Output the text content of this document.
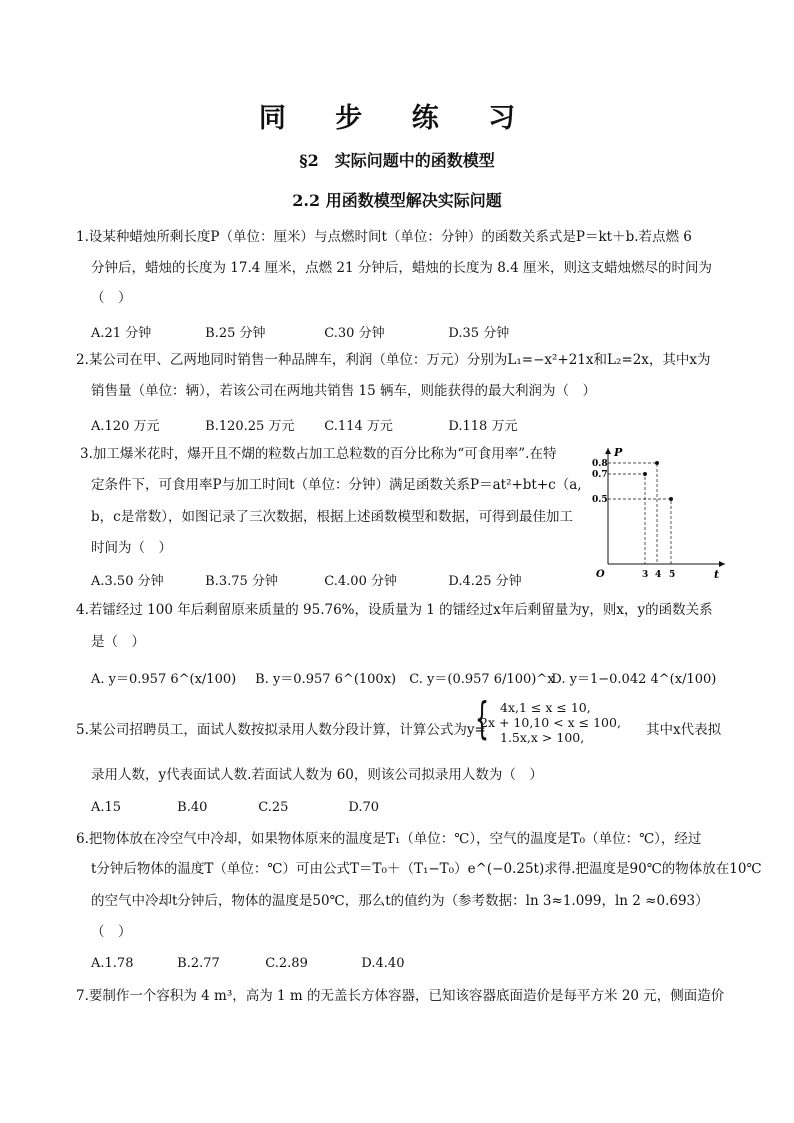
同 步 练 习
§2　实际问题中的函数模型
2.2 用函数模型解决实际问题
1.设某种蜡烛所剩长度P（单位：厘米）与点燃时间t（单位：分钟）的函数关系式是P＝kt＋b.若点燃 6
分钟后，蜡烛的长度为 17.4 厘米，点燃 21 分钟后，蜡烛的长度为 8.4 厘米，则这支蜡烛燃尽的时间为
（　）
A.21 分钟	B.25 分钟	C.30 分钟	D.35 分钟
2.某公司在甲、乙两地同时销售一种品牌车，利润（单位：万元）分别为L₁=−x²+21x和L₂=2x，其中x为
销售量（单位：辆），若该公司在两地共销售 15 辆车，则能获得的最大利润为（　）
A.120 万元	B.120.25 万元 C.114 万元	D.118 万元
3.加工爆米花时，爆开且不煳的粒数占加工总粒数的百分比称为“可食用率”.在特
定条件下，可食用率P与加工时间t（单位：分钟）满足函数关系P＝at²+bt+c（a,
b，c是常数），如图记录了三次数据，根据上述函数模型和数据，可得到最佳加工
时间为（　）
A.3.50 分钟	B.3.75 分钟	C.4.00 分钟	D.4.25 分钟
P
t
O
0.8
0.7
0.5
3 4 5
4.若镭经过 100 年后剩留原来质量的 95.76%，设质量为 1 的镭经过x年后剩留量为y，则x，y的函数关系
是（　）
A. y＝0.957 6^(x/100) B. y＝0.957 6^(100x) C. y＝(0.957 6/100)^x D. y＝1−0.042 4^(x/100)
5.某公司招聘员工，面试人数按拟录用人数分段计算，计算公式为y=
{ 4x,1 ≤ x ≤ 10,
2x + 10,10 < x ≤ 100,
1.5x,x > 100,	其中x代表拟
录用人数，y代表面试人数.若面试人数为 60，则该公司拟录用人数为（　）
A.15	B.40	C.25	D.70
6.把物体放在冷空气中冷却，如果物体原来的温度是T₁（单位：℃），空气的温度是T₀（单位：℃），经过
t分钟后物体的温度T（单位：℃）可由公式T＝T₀＋（T₁−T₀）e^(−0.25t)求得.把温度是90℃的物体放在10℃
的空气中冷却t分钟后，物体的温度是50℃，那么t的值约为（参考数据：ln 3≈1.099，ln 2 ≈0.693）
（　）
A.1.78	B.2.77	C.2.89	D.4.40
7.要制作一个容积为 4 m³，高为 1 m 的无盖长方体容器，已知该容器底面造价是每平方米 20 元，侧面造价
